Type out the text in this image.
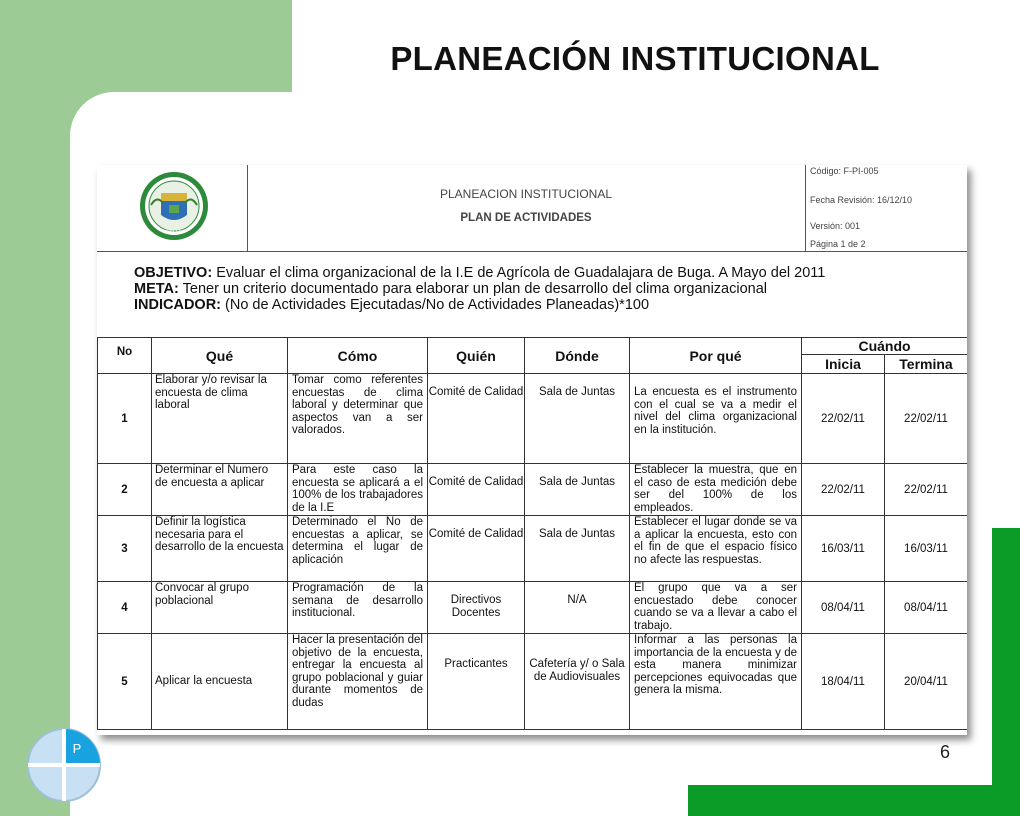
PLANEACIÓN INSTITUCIONAL
VALLE
PLANEACION INSTITUCIONAL
PLAN DE ACTIVIDADES
Código: F-PI-005
Fecha Revisión: 16/12/10
Versión: 001
Página 1 de 2
OBJETIVO: Evaluar el clima organizacional de la I.E de Agrícola de Guadalajara de Buga. A Mayo del 2011
META: Tener un criterio documentado para elaborar un plan de desarrollo del clima organizacional
INDICADOR: (No de Actividades Ejecutadas/No de Actividades Planeadas)*100
No	Qué	Cómo	Quién	Dónde	Por qué	Cuándo	
						Inicia	Termina
1	Elaborar y/o revisar la encuesta de clima laboral	Tomar como referentes encuestas de clima laboral y determinar que aspectos van a ser valorados.	Comité de Calidad	Sala de Juntas	La encuesta es el instrumento con el cual se va a medir el nivel del clima organizacional en la institución.	22/02/11	22/02/11
2	Determinar el Numero de encuesta a aplicar	Para este caso la encuesta se aplicará a el 100% de los trabajadores de la I.E	Comité de Calidad	Sala de Juntas	Establecer la muestra, que en el caso de esta medición debe ser del 100% de los empleados.	22/02/11	22/02/11
3	Definir la logística necesaria para el desarrollo de la encuesta	Determinado el No de encuestas a aplicar, se determina el lugar de aplicación	Comité de Calidad	Sala de Juntas	Establecer el lugar donde se va a aplicar la encuesta, esto con el fin de que el espacio físico no afecte las respuestas.	16/03/11	16/03/11
4	Convocar al grupo poblacional	Programación de la semana de desarrollo institucional.	Directivos Docentes	N/A	El grupo que va a ser encuestado debe conocer cuando se va a llevar a cabo el trabajo.	08/04/11	08/04/11
5	Aplicar la encuesta	Hacer la presentación del objetivo de la encuesta, entregar la encuesta al grupo poblacional y guiar durante momentos de dudas	Practicantes	Cafetería y/ o Sala de Audiovisuales	Informar a las personas la importancia de la encuesta y de esta manera minimizar percepciones equivocadas que genera la misma.	18/04/11	20/04/11
6
P
